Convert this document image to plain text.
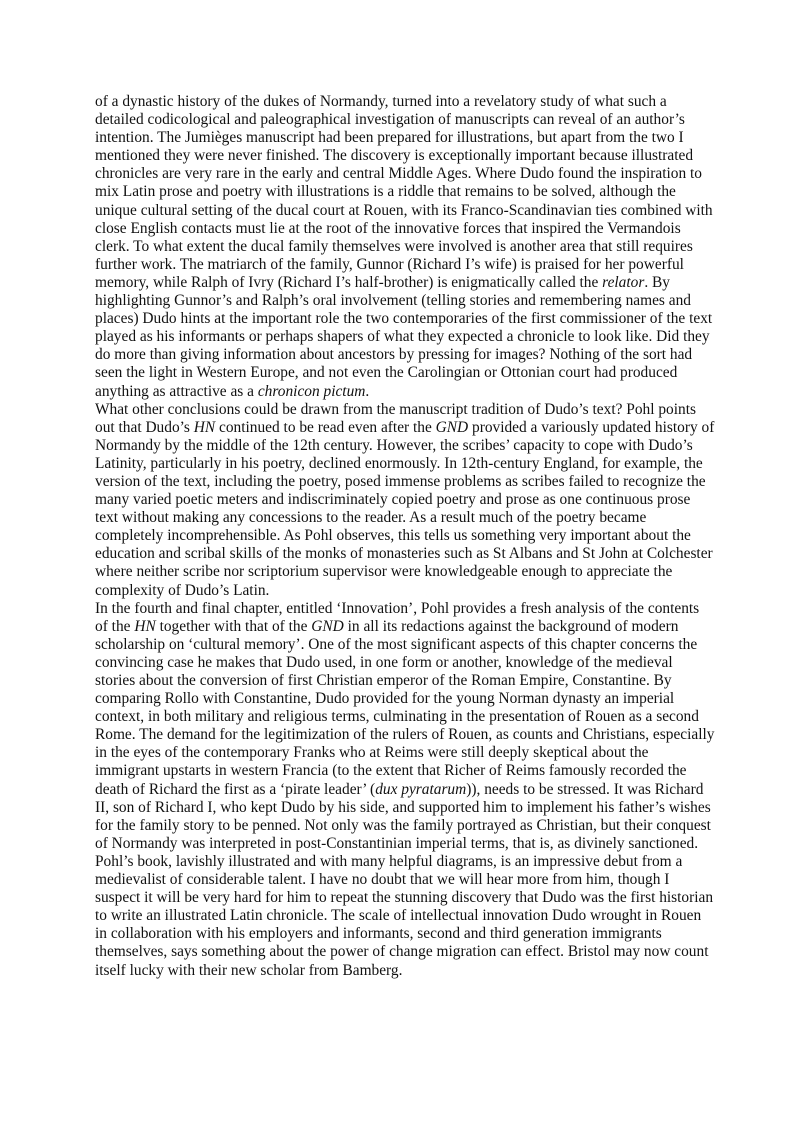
of a dynastic history of the dukes of Normandy, turned into a revelatory study of what such a detailed codicological and paleographical investigation of manuscripts can reveal of an author’s intention. The Jumièges manuscript had been prepared for illustrations, but apart from the two I mentioned they were never finished. The discovery is exceptionally important because illustrated chronicles are very rare in the early and central Middle Ages. Where Dudo found the inspiration to mix Latin prose and poetry with illustrations is a riddle that remains to be solved, although the unique cultural setting of the ducal court at Rouen, with its Franco-Scandinavian ties combined with close English contacts must lie at the root of the innovative forces that inspired the Vermandois clerk. To what extent the ducal family themselves were involved is another area that still requires further work. The matriarch of the family, Gunnor (Richard I’s wife) is praised for her powerful memory, while Ralph of Ivry (Richard I’s half-brother) is enigmatically called the relator. By highlighting Gunnor’s and Ralph’s oral involvement (telling stories and remembering names and places) Dudo hints at the important role the two contemporaries of the first commissioner of the text played as his informants or perhaps shapers of what they expected a chronicle to look like. Did they do more than giving information about ancestors by pressing for images? Nothing of the sort had seen the light in Western Europe, and not even the Carolingian or Ottonian court had produced anything as attractive as a chronicon pictum.

What other conclusions could be drawn from the manuscript tradition of Dudo’s text? Pohl points out that Dudo’s HN continued to be read even after the GND provided a variously updated history of Normandy by the middle of the 12th century. However, the scribes’ capacity to cope with Dudo’s Latinity, particularly in his poetry, declined enormously. In 12th-century England, for example, the version of the text, including the poetry, posed immense problems as scribes failed to recognize the many varied poetic meters and indiscriminately copied poetry and prose as one continuous prose text without making any concessions to the reader. As a result much of the poetry became completely incomprehensible. As Pohl observes, this tells us something very important about the education and scribal skills of the monks of monasteries such as St Albans and St John at Colchester where neither scribe nor scriptorium supervisor were knowledgeable enough to appreciate the complexity of Dudo’s Latin.

In the fourth and final chapter, entitled ‘Innovation’, Pohl provides a fresh analysis of the contents of the HN together with that of the GND in all its redactions against the background of modern scholarship on ‘cultural memory’. One of the most significant aspects of this chapter concerns the convincing case he makes that Dudo used, in one form or another, knowledge of the medieval stories about the conversion of first Christian emperor of the Roman Empire, Constantine. By comparing Rollo with Constantine, Dudo provided for the young Norman dynasty an imperial context, in both military and religious terms, culminating in the presentation of Rouen as a second Rome. The demand for the legitimization of the rulers of Rouen, as counts and Christians, especially in the eyes of the contemporary Franks who at Reims were still deeply skeptical about the immigrant upstarts in western Francia (to the extent that Richer of Reims famously recorded the death of Richard the first as a ‘pirate leader’ (dux pyratarum)), needs to be stressed. It was Richard II, son of Richard I, who kept Dudo by his side, and supported him to implement his father’s wishes for the family story to be penned. Not only was the family portrayed as Christian, but their conquest of Normandy was interpreted in post-Constantinian imperial terms, that is, as divinely sanctioned.

Pohl’s book, lavishly illustrated and with many helpful diagrams, is an impressive debut from a medievalist of considerable talent. I have no doubt that we will hear more from him, though I suspect it will be very hard for him to repeat the stunning discovery that Dudo was the first historian to write an illustrated Latin chronicle. The scale of intellectual innovation Dudo wrought in Rouen in collaboration with his employers and informants, second and third generation immigrants themselves, says something about the power of change migration can effect. Bristol may now count itself lucky with their new scholar from Bamberg.
